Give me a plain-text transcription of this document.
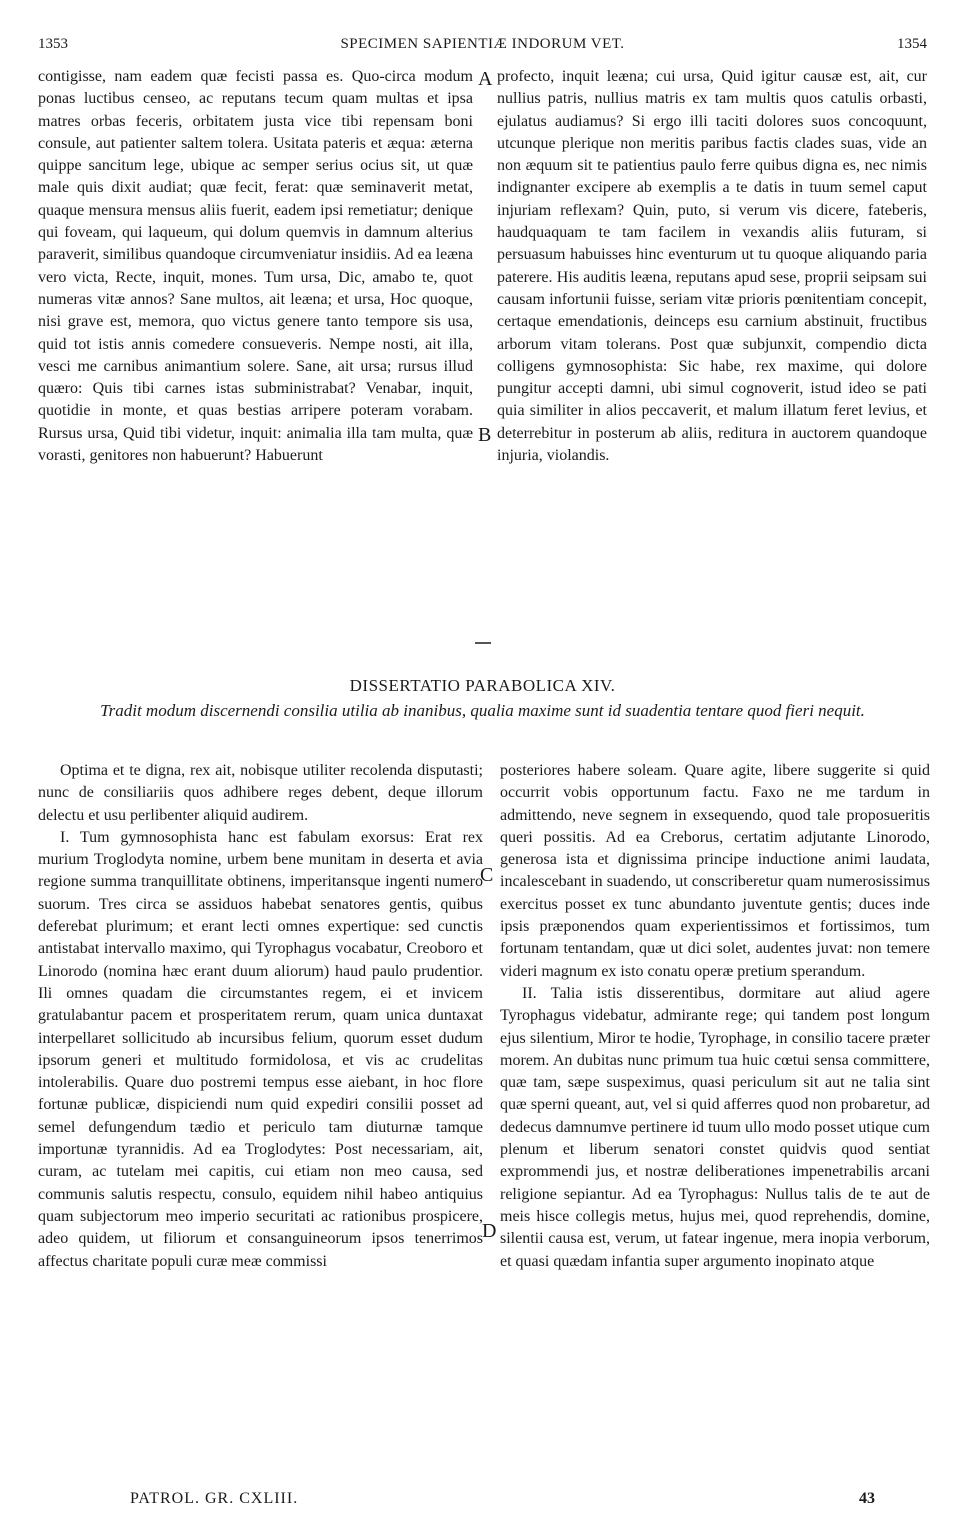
1353	SPECIMEN SAPIENTIÆ INDORUM VET.	1354

contigisse, nam eadem quæ fecisti passa es. Quo-circa modum ponas luctibus censeo, ac reputans tecum quam multas et ipsa matres orbas feceris, orbitatem justa vice tibi repensam boni consule, aut patienter saltem tolera. Usitata pateris et æqua: æterna quippe sancitum lege, ubique ac semper serius ocius sit, ut quæ male quis dixit audiat; quæ fecit, ferat: quæ seminaverit metat, quaque mensura mensus aliis fuerit, eadem ipsi remetiatur; denique qui foveam, qui laqueum, qui dolum quemvis in damnum alterius paraverit, similibus quandoque circumveniatur insidiis. Ad ea leæna vero victa, Recte, inquit, mones. Tum ursa, Dic, amabo te, quot numeras vitæ annos? Sane multos, ait leæna; et ursa, Hoc quoque, nisi grave est, memora, quo victus genere tanto tempore sis usa, quid tot istis annis comedere consueveris. Nempe nosti, ait illa, vesci me carnibus animantium solere. Sane, ait ursa; rursus illud quæro: Quis tibi carnes istas subministrabat? Venabar, inquit, quotidie in monte, et quas bestias arripere poteram vorabam. Rursus ursa, Quid tibi videtur, inquit: animalia illa tam multa, quæ vorasti, genitores non habuerunt? Habuerunt

A profecto, inquit leæna; cui ursa, Quid igitur causæ est, ait, cur nullius patris, nullius matris ex tam multis quos catulis orbasti, ejulatus audiamus? Si ergo illi taciti dolores suos concoquunt, utcunque plerique non meritis paribus factis clades suas, vide an non æquum sit te patientius paulo ferre quibus digna es, nec nimis indignanter excipere ab exemplis a te datis in tuum semel caput injuriam reflexam? Quin, puto, si verum vis dicere, fateberis, haudquaquam te tam facilem in vexandis aliis futuram, si persuasum habuisses hinc eventurum ut tu quoque aliquando paria paterere. His auditis leæna, reputans apud sese, proprii seipsam sui causam infortunii fuisse, seriam vitæ prioris pœnitentiam concepit, certaque emendationis, deinceps esu carnium abstinuit, fructibus arborum vitam tolerans. Post quæ subjunxit, compendio dicta colligens gymnosophista: Sic habe, rex maxime, qui dolore pungitur accepti damni, ubi simul cognoverit, istud ideo se pati quia similiter in alios peccaverit, et malum illatum feret levius, et deterrebitur in posterum ab aliis, reditura in auctorem quandoque injuria, violandis.

B
DISSERTATIO PARABOLICA XIV.
Tradit modum discernendi consilia utilia ab inanibus, qualia maxime sunt id suadentia tentare quod fieri nequit.

Optima et te digna, rex ait, nobisque utiliter recolenda disputasti; nunc de consiliariis quos adhibere reges debent, deque illorum delectu et usu perlibenter aliquid audirem.

I. Tum gymnosophista hanc est fabulam exorsus: Erat rex murium Troglodyta nomine, urbem bene munitam in deserta et avia regione summa tranquillitate obtinens, imperitansque ingenti numero suorum. Tres circa se assiduos habebat senatores gentis, quibus deferebat plurimum; et erant lecti omnes expertique: sed cunctis antistabat intervallo maximo, qui Tyrophagus vocabatur, Creoboro et Linorodo (nomina hæc erant duum aliorum) haud paulo prudentior. Ili omnes quadam die circumstantes regem, ei et invicem gratulabantur pacem et prosperitatem rerum, quam unica duntaxat interpellaret sollicitudo ab incursibus felium, quorum esset dudum ipsorum generi et multitudo formidolosa, et vis ac crudelitas intolerabilis. Quare duo postremi tempus esse aiebant, in hoc flore fortunæ publicæ, dispiciendi num quid expediri consilii posset ad semel defungendum tædio et periculo tam diuturnæ tamque importunæ tyrannidis. Ad ea Troglodytes: Post necessariam, ait, curam, ac tutelam mei capitis, cui etiam non meo causa, sed communis salutis respectu, consulo, equidem nihil habeo antiquius quam subjectorum meo imperio securitati ac rationibus prospicere, adeo quidem, ut filiorum et consanguineorum ipsos tenerrimos affectus charitate populi curæ meæ commissi

C

posteriores habere soleam. Quare agite, libere suggerite si quid occurrit vobis opportunum factu. Faxo ne me tardum in admittendo, neve segnem in exsequendo, quod tale proposueritis queri possitis. Ad ea Creborus, certatim adjutante Linorodo, generosa ista et dignissima principe inductione animi laudata, incalescebant in suadendo, ut conscriberetur quam numerosissimus exercitus posset ex tunc abundanto juventute gentis; duces inde ipsis præponendos quam experientissimos et fortissimos, tum fortunam tentandam, quæ ut dici solet, audentes juvat: non temere videri magnum ex isto conatu operæ pretium sperandum.

II. Talia istis disserentibus, dormitare aut aliud agere Tyrophagus videbatur, admirante rege; qui tandem post longum ejus silentium, Miror te hodie, Tyrophage, in consilio tacere præter morem. An dubitas nunc primum tua huic cœtui sensa committere, quæ tam, sæpe suspeximus, quasi periculum sit aut ne talia sint quæ sperni queant, aut, vel si quid afferres quod non probaretur, ad dedecus damnumve pertinere id tuum ullo modo posset utique cum plenum et liberum senatori constet quidvis quod sentiat exprommendi jus, et nostræ deliberationes impenetrabilis arcani religione sepiantur. Ad ea Tyrophagus: Nullus talis de te aut de meis hisce collegis metus, hujus mei, quod reprehendis, domine, silentii causa est, verum, ut fatear ingenue, mera inopia verborum, et quasi quædam infantia super argumento inopinato atque

D
PATROL. GR. CXLIII.	43
